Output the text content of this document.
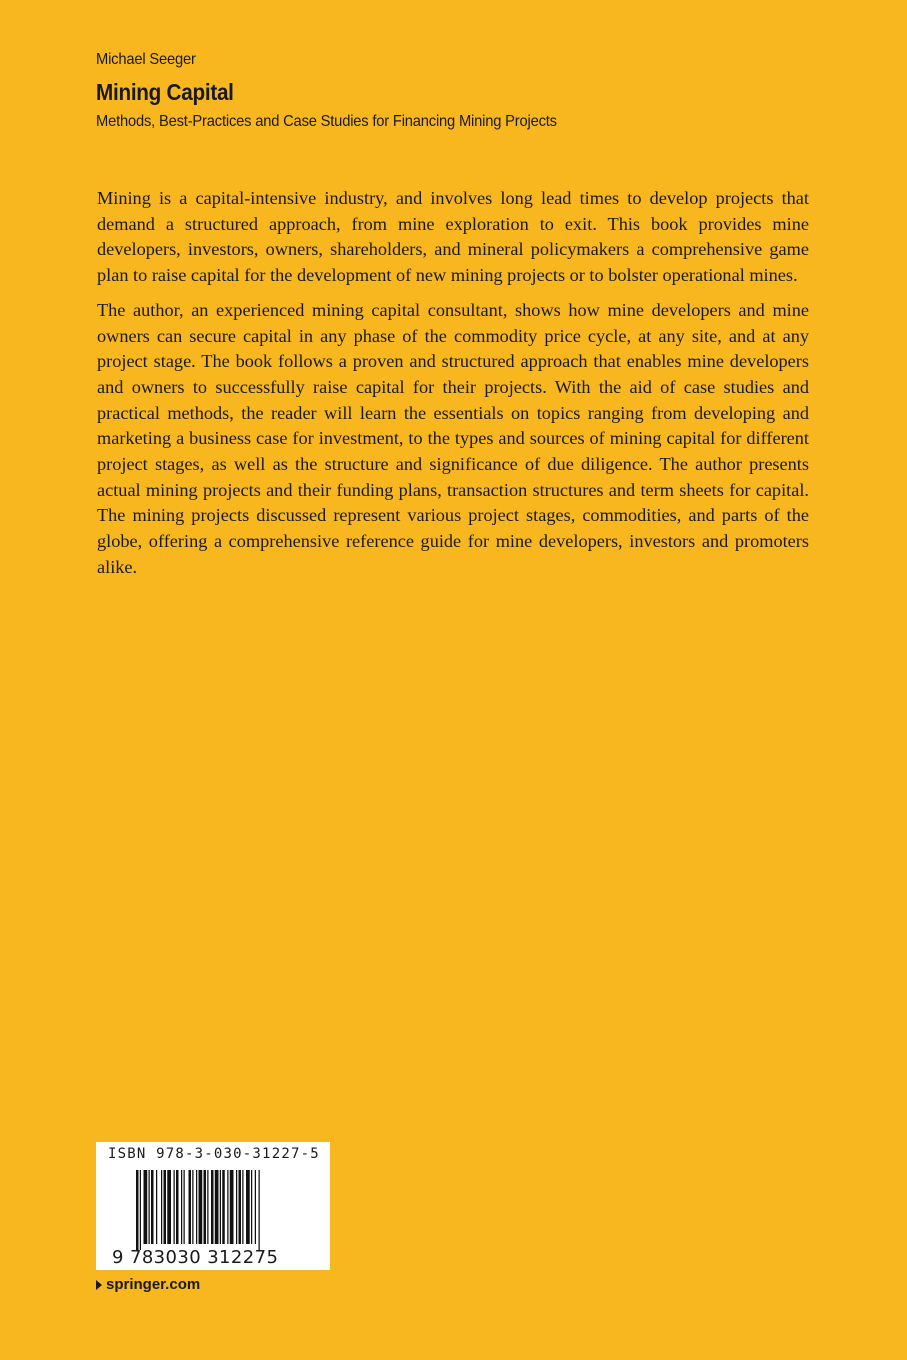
Michael Seeger
Mining Capital
Methods, Best-Practices and Case Studies for Financing Mining Projects

Mining is a capital-intensive industry, and involves long lead times to develop projects that demand a structured approach, from mine exploration to exit. This book provides mine developers, investors, owners, shareholders, and mineral policymakers a comprehensive game plan to raise capital for the development of new mining projects or to bolster operational mines.

The author, an experienced mining capital consultant, shows how mine developers and mine owners can secure capital in any phase of the commodity price cycle, at any site, and at any project stage. The book follows a proven and structured approach that enables mine developers and owners to successfully raise capital for their projects. With the aid of case studies and practical methods, the reader will learn the essentials on topics ranging from developing and marketing a business case for investment, to the types and sources of mining capital for different project stages, as well as the structure and significance of due diligence. The author presents actual mining projects and their funding plans, transaction structures and term sheets for capital. The mining projects discussed represent various project stages, commodities, and parts of the globe, offering a comprehensive reference guide for mine developers, investors and promoters alike.

ISBN 978-3-030-31227-5
9 783030 312275
springer.com
